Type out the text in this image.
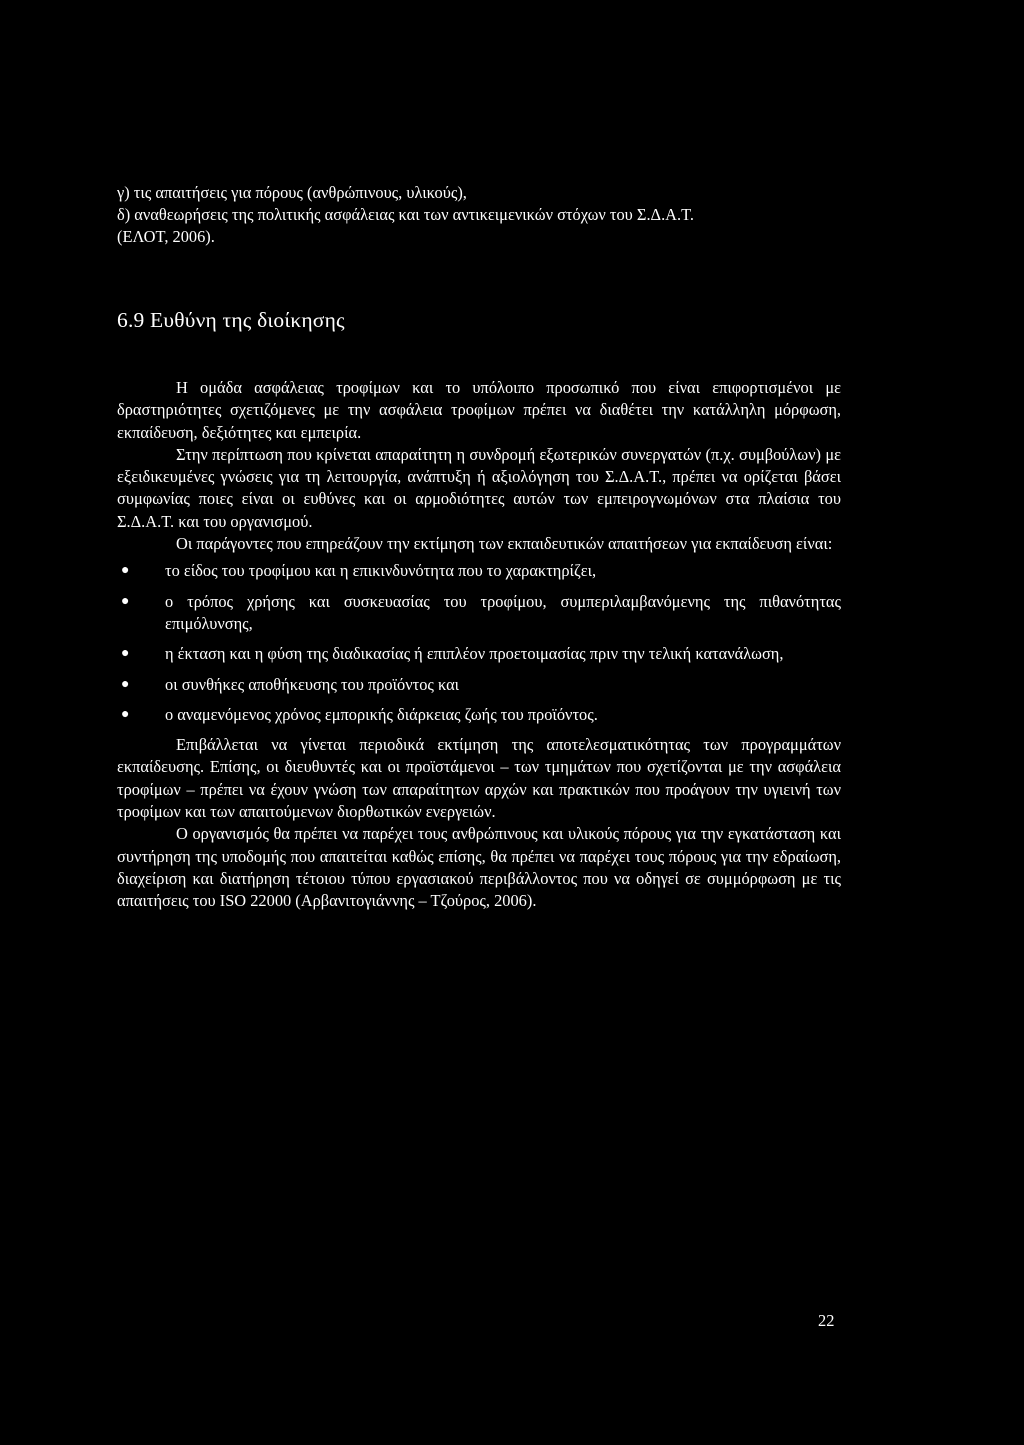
γ) τις απαιτήσεις για πόρους (ανθρώπινους, υλικούς),
δ) αναθεωρήσεις της πολιτικής ασφάλειας και των αντικειμενικών στόχων του Σ.Δ.Α.Τ.
(ΕΛΟΤ, 2006).
6.9 Ευθύνη της διοίκησης

Η ομάδα ασφάλειας τροφίμων και το υπόλοιπο προσωπικό που είναι επιφορτισμένοι με δραστηριότητες σχετιζόμενες με την ασφάλεια τροφίμων πρέπει να διαθέτει την κατάλληλη μόρφωση, εκπαίδευση, δεξιότητες και εμπειρία.

Στην περίπτωση που κρίνεται απαραίτητη η συνδρομή εξωτερικών συνεργατών (π.χ. συμβούλων) με εξειδικευμένες γνώσεις για τη λειτουργία, ανάπτυξη ή αξιολόγηση του Σ.Δ.Α.Τ., πρέπει να ορίζεται βάσει συμφωνίας ποιες είναι οι ευθύνες και οι αρμοδιότητες αυτών των εμπειρογνωμόνων στα πλαίσια του Σ.Δ.Α.Τ. και του οργανισμού.

Οι παράγοντες που επηρεάζουν την εκτίμηση των εκπαιδευτικών απαιτήσεων για εκπαίδευση είναι:

●	το είδος του τροφίμου και η επικινδυνότητα που το χαρακτηρίζει,
●	ο τρόπος χρήσης και συσκευασίας του τροφίμου, συμπεριλαμβανόμενης της πιθανότητας επιμόλυνσης,
●	η έκταση και η φύση της διαδικασίας ή επιπλέον προετοιμασίας πριν την τελική κατανάλωση,
●	οι συνθήκες αποθήκευσης του προϊόντος και
●	ο αναμενόμενος χρόνος εμπορικής διάρκειας ζωής του προϊόντος.

Επιβάλλεται να γίνεται περιοδικά εκτίμηση της αποτελεσματικότητας των προγραμμάτων εκπαίδευσης. Επίσης, οι διευθυντές και οι προϊστάμενοι – των τμημάτων που σχετίζονται με την ασφάλεια τροφίμων – πρέπει να έχουν γνώση των απαραίτητων αρχών και πρακτικών που προάγουν την υγιεινή των τροφίμων και των απαιτούμενων διορθωτικών ενεργειών.

Ο οργανισμός θα πρέπει να παρέχει τους ανθρώπινους και υλικούς πόρους για την εγκατάσταση και συντήρηση της υποδομής που απαιτείται καθώς επίσης, θα πρέπει να παρέχει τους πόρους για την εδραίωση, διαχείριση και διατήρηση τέτοιου τύπου εργασιακού περιβάλλοντος που να οδηγεί σε συμμόρφωση με τις απαιτήσεις του ISO 22000 (Αρβανιτογιάννης – Τζούρος, 2006).

22
